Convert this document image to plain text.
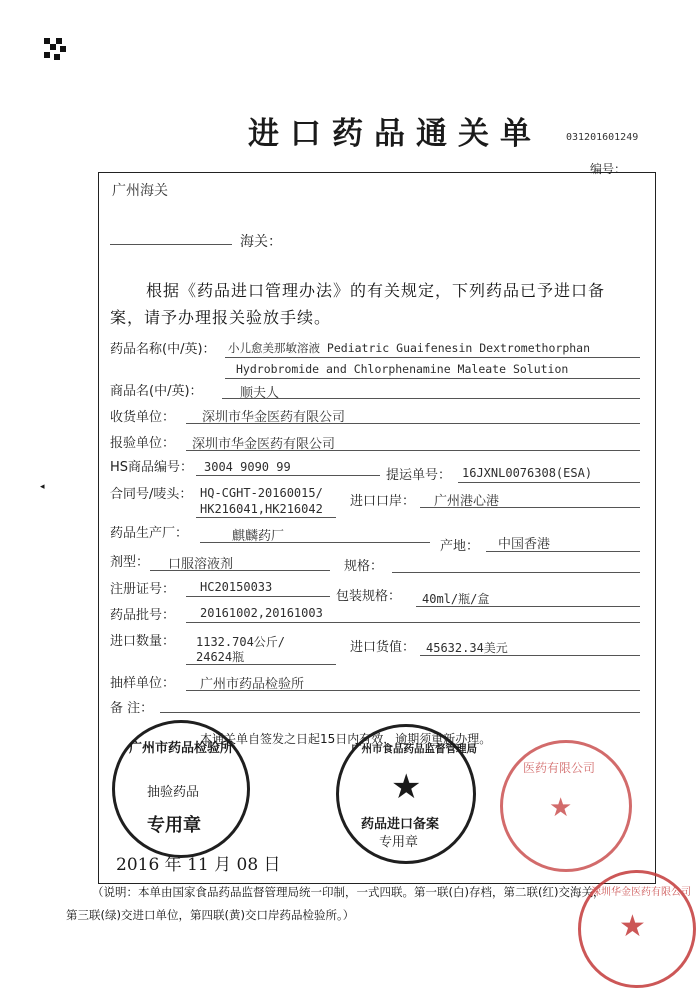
进口药品通关单 031201601249
编号：
广州海关
海关：
根据《药品进口管理办法》的有关规定，下列药品已予进口备
案，请予办理报关验放手续。
药品名称(中/英)： 小儿愈美那敏溶液 Pediatric Guaifenesin Dextromethorphan
Hydrobromide and Chlorphenamine Maleate Solution
商品名(中/英)：	顺夫人
收货单位： 深圳市华金医药有限公司
报验单位： 深圳市华金医药有限公司
HS商品编号： 3004 9090 99
提运单号： 16JXNL0076308(ESA)
合同号/唛头： HQ-CGHT-20160015/
HK216041,HK216042 进口口岸： 广州港心港
药品生产厂：	麒麟药厂
产地： 中国香港
剂型： 口服溶液剂	规格：
注册证号： HC20150033
包装规格： 40ml/瓶/盒
药品批号： 20161002,20161003
进口数量： 1132.704公斤/
24624瓶
进口货值： 45632.34美元
抽样单位： 广州市药品检验所
备 注：
本通关单自签发之日起15日内有效，逾期须重新办理。
广州市药品检验所
抽验药品
专用章
广州市食品药品监督管理局
★
药品进口备案
专用章
医药有限公司
★
2016 年 11 月 08 日
（说明：本单由国家食品药品监督管理局统一印制，一式四联。第一联(白)存档，第二联(红)交海关，
第三联(绿)交进口单位，第四联(黄)交口岸药品检验所。）
深圳华金医药有限公司
★
◂
